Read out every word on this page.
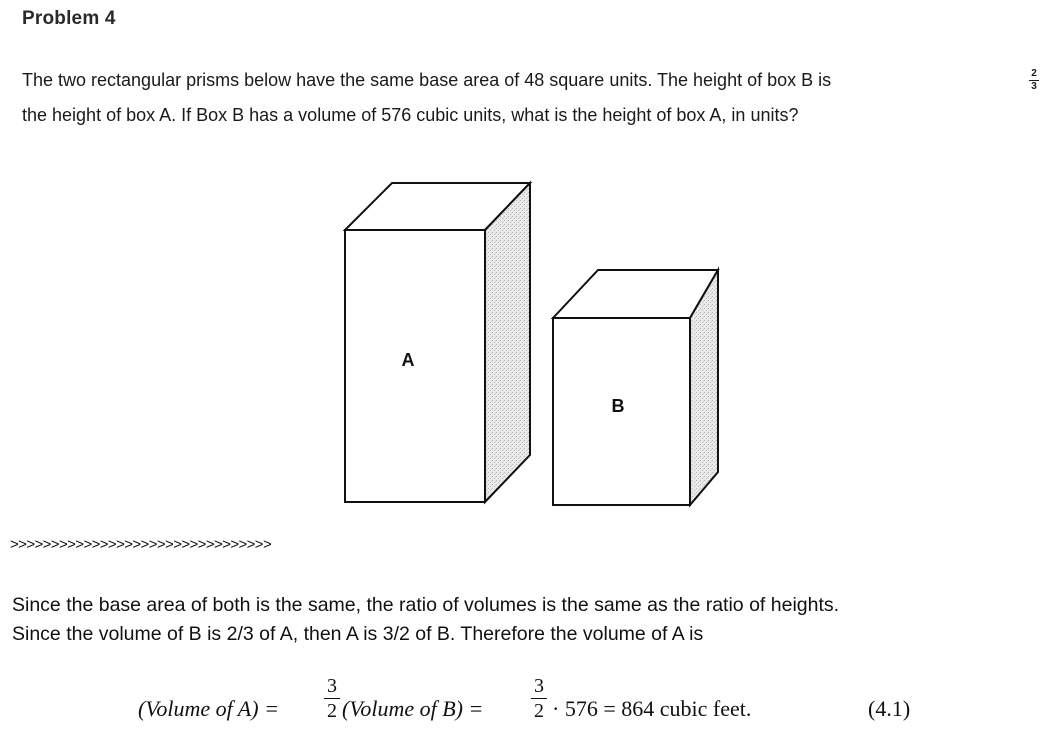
Problem 4
The two rectangular prisms below have the same base area of 48 square units. The height of box B is	2
3
the height of box A. If Box B has a volume of 576 cubic units, what is the height of box A, in units?
A
B
>>>>>>>>>>>>>>>>>>>>>>>>>>>>>>>>
Since the base area of both is the same, the ratio of volumes is the same as the ratio of heights.
Since the volume of B is 2/3 of A, then A is 3/2 of B. Therefore the volume of A is
(Volume of A) =
3
2 (Volume of B) =
3
2 · 576 = 864 cubic feet.	(4.1)
